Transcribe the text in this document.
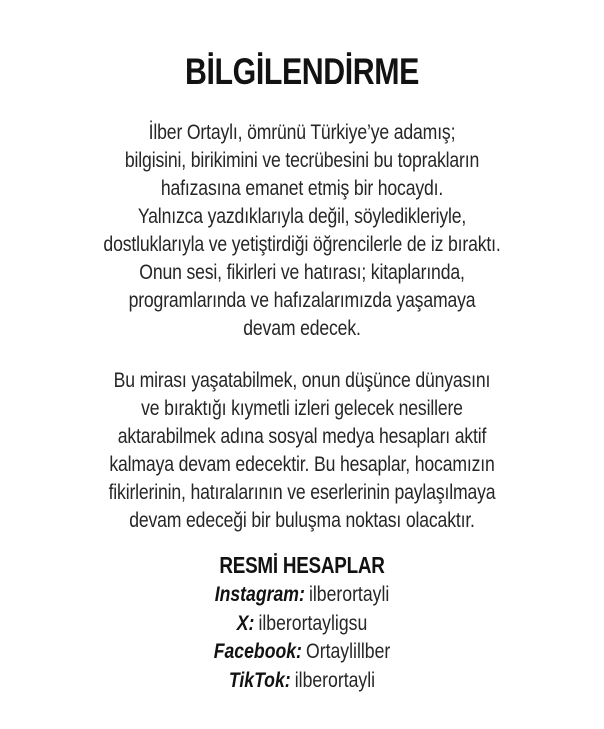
BİLGİLENDİRME
İlber Ortaylı, ömrünü Türkiye’ye adamış;
bilgisini, birikimini ve tecrübesini bu toprakların
hafızasına emanet etmiş bir hocaydı.
Yalnızca yazdıklarıyla değil, söyledikleriyle,
dostluklarıyla ve yetiştirdiği öğrencilerle de iz bıraktı.
Onun sesi, fikirleri ve hatırası; kitaplarında,
programlarında ve hafızalarımızda yaşamaya
devam edecek.
Bu mirası yaşatabilmek, onun düşünce dünyasını
ve bıraktığı kıymetli izleri gelecek nesillere
aktarabilmek adına sosyal medya hesapları aktif
kalmaya devam edecektir. Bu hesaplar, hocamızın
fikirlerinin, hatıralarının ve eserlerinin paylaşılmaya
devam edeceği bir buluşma noktası olacaktır.
RESMİ HESAPLAR
Instagram: ilberortayli
X: ilberortayligsu
Facebook: Ortaylillber
TikTok: ilberortayli
